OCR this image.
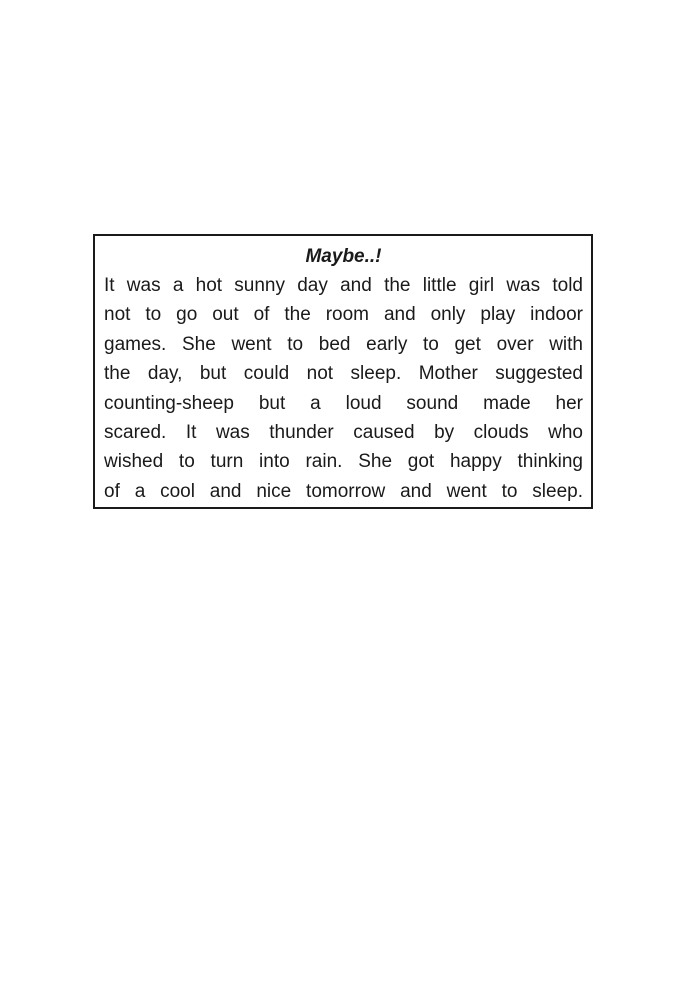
Maybe..!
It was a hot sunny day and the little girl was told
not to go out of the room and only play indoor
games. She went to bed early to get over with
the day, but could not sleep. Mother suggested
counting-sheep but a loud sound made her
scared. It was thunder caused by clouds who
wished to turn into rain. She got happy thinking
of a cool and nice tomorrow and went to sleep.
